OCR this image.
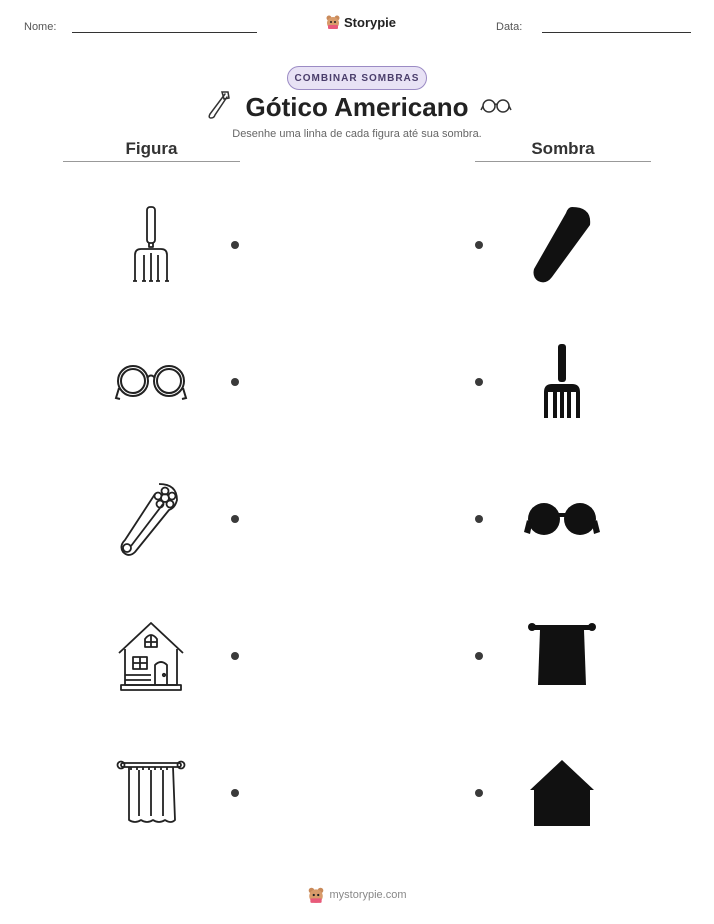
Nome:	Storypie	Data:
COMBINAR SOMBRAS
Gótico Americano
Desenhe uma linha de cada figura até sua sombra.
Figura	Sombra
mystorypie.com
